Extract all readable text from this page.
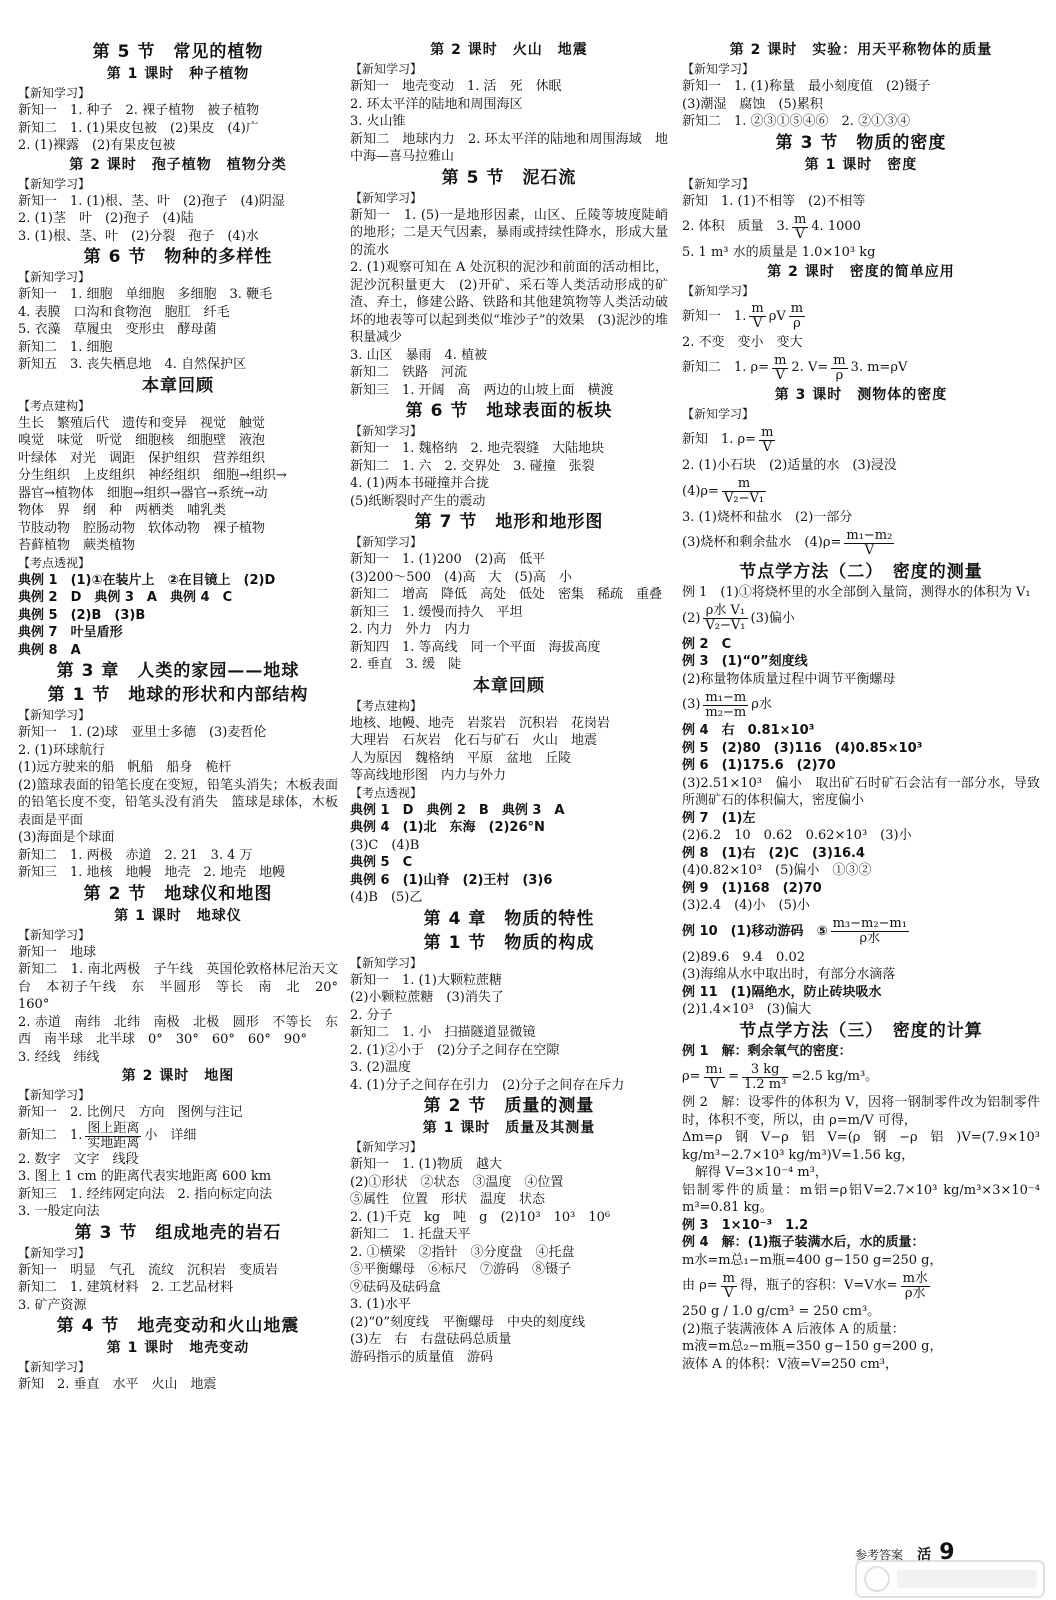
第 5 节　常见的植物
第 1 课时　种子植物
【新知学习】
新知一　1. 种子　2. 裸子植物　被子植物
新知二　1. (1)果皮包被　(2)果皮　(4)广
2. (1)裸露　(2)有果皮包被
第 2 课时　孢子植物　植物分类
【新知学习】
新知一　1. (1)根、茎、叶　(2)孢子　(4)阴湿
2. (1)茎　叶　(2)孢子　(4)陆
3. (1)根、茎、叶　(2)分裂　孢子　(4)水
第 6 节　物种的多样性
【新知学习】
新知一　1. 细胞　单细胞　多细胞　3. 鞭毛
4. 表膜　口沟和食物泡　胞肛　纤毛
5. 衣藻　草履虫　变形虫　酵母菌
新知二　1. 细胞
新知五　3. 丧失栖息地　4. 自然保护区
本章回顾
【考点建构】
生长　繁殖后代　遗传和变异　视觉　触觉
嗅觉　味觉　听觉　细胞核　细胞壁　液泡
叶绿体　对光　调距　保护组织　营养组织
分生组织　上皮组织　神经组织　细胞→组织→
器官→植物体　细胞→组织→器官→系统→动
物体　界　纲　种　两栖类　哺乳类
节肢动物　腔肠动物　软体动物　裸子植物
苔藓植物　蕨类植物
【考点透视】
典例 1　(1)①在装片上　②在目镜上　(2)D
典例 2　D　典例 3　A　典例 4　C
典例 5　(2)B　(3)B
典例 7　叶呈盾形
典例 8　A
第 3 章　人类的家园——地球
第 1 节　地球的形状和内部结构
【新知学习】
新知一　1. (2)球　亚里士多德　(3)麦哲伦
2. (1)环球航行
(1)远方驶来的船　帆船　船身　桅杆
(2)篮球表面的铅笔长度在变短，铅笔头消失；木板表面的铅笔长度不变，铅笔头没有消失　篮球是球体，木板表面是平面
(3)海面是个球面
新知二　1. 两极　赤道　2. 21　3. 4 万
新知三　1. 地核　地幔　地壳　2. 地壳　地幔
第 2 节　地球仪和地图
第 1 课时　地球仪
【新知学习】
新知一　地球
新知二　1. 南北两极　子午线　英国伦敦格林尼治天文台　本初子午线　东　半圆形　等长　南　北　20°　160°
2. 赤道　南纬　北纬　南极　北极　圆形　不等长　东西　南半球　北半球　0°　30°　60°　60°　90°
3. 经线　纬线
第 2 课时　地图
【新知学习】
新知一　2. 比例尺　方向　图例与注记
新知二　1. $\frac{\text{图上距离}}{\text{实地距离}}$ 小　详细
2. 数字　文字　线段
3. 图上 1 cm 的距离代表实地距离 600 km
新知三　1. 经纬网定向法　2. 指向标定向法
3. 一般定向法
第 3 节　组成地壳的岩石
【新知学习】
新知一　明显　气孔　流纹　沉积岩　变质岩
新知二　1. 建筑材料　2. 工艺品材料
3. 矿产资源
第 4 节　地壳变动和火山地震
第 1 课时　地壳变动
【新知学习】
新知　2. 垂直　水平　火山　地震
第 2 课时　火山　地震
【新知学习】
新知一　地壳变动　1. 活　死　休眠
2. 环太平洋的陆地和周围海区
3. 火山锥
新知二　地球内力　2. 环太平洋的陆地和周围海域　地中海—喜马拉雅山
第 5 节　泥石流
【新知学习】
新知一　1. (5)一是地形因素，山区、丘陵等坡度陡峭的地形；二是天气因素，暴雨或持续性降水，形成大量的流水
2. (1)观察可知在 A 处沉积的泥沙和前面的活动相比，泥沙沉积量更大　(2)开矿、采石等人类活动形成的矿渣、弃土，修建公路、铁路和其他建筑物等人类活动破坏的地表等可以起到类似“堆沙子”的效果　(3)泥沙的堆积量减少
3. 山区　暴雨　4. 植被
新知二　铁路　河流
新知三　1. 开阔　高　两边的山坡上面　横渡
第 6 节　地球表面的板块
【新知学习】
新知一　1. 魏格纳　2. 地壳裂缝　大陆地块
新知二　1. 六　2. 交界处　3. 碰撞　张裂
4. (1)两本书碰撞并合拢
(5)纸断裂时产生的震动
第 7 节　地形和地形图
【新知学习】
新知一　1. (1)200　(2)高　低平
(3)200～500　(4)高　大　(5)高　小
新知二　增高　降低　高处　低处　密集　稀疏　重叠
新知三　1. 缓慢而持久　平坦
2. 内力　外力　内力
新知四　1. 等高线　同一个平面　海拔高度
2. 垂直　3. 缓　陡
本章回顾
【考点建构】
地核、地幔、地壳　岩浆岩　沉积岩　花岗岩
大理岩　石灰岩　化石与矿石　火山　地震
人为原因　魏格纳　平原　盆地　丘陵
等高线地形图　内力与外力
【考点透视】
典例 1　D　典例 2　B　典例 3　A
典例 4　(1)北　东海　(2)26°N
(3)C　(4)B
典例 5　C
典例 6　(1)山脊　(2)王村　(3)6
(4)B　(5)乙
第 4 章　物质的特性
第 1 节　物质的构成
【新知学习】
新知一　1. (1)大颗粒蔗糖
(2)小颗粒蔗糖　(3)消失了
2. 分子
新知二　1. 小　扫描隧道显微镜
2. (1)②小于　(2)分子之间存在空隙
3. (2)温度
4. (1)分子之间存在引力　(2)分子之间存在斥力
第 2 节　质量的测量
第 1 课时　质量及其测量
【新知学习】
新知一　1. (1)物质　越大
(2)①形状　②状态　③温度　④位置
⑤属性　位置　形状　温度　状态
2. (1)千克　kg　吨　g　(2)10³　10³　10⁶
新知二　1. 托盘天平
2. ①横梁　②指针　③分度盘　④托盘
⑤平衡螺母　⑥标尺　⑦游码　⑧镊子
⑨砝码及砝码盒
3. (1)水平
(2)“0”刻度线　平衡螺母　中央的刻度线
(3)左　右　右盘砝码总质量
游码指示的质量值　游码
第 2 课时　实验：用天平称物体的质量
【新知学习】
新知一　1. (1)称量　最小刻度值　(2)镊子
(3)潮湿　腐蚀　(5)累积
新知二　1. ②③①⑤④⑥　2. ②①③④
第 3 节　物质的密度
第 1 课时　密度
【新知学习】
新知　1. (1)不相等　(2)不相等
2. 体积　质量　3. $\frac{m}{V} 4$. 1000
5. 1 m³ 水的质量是 1.0×10³ kg
第 2 课时　密度的简单应用
【新知学习】
新知一　1. $\frac{m}{V}$ ρV $\frac{m}{\rho}$
2. 不变　变小　变大
新知二　1. $\rho= \frac{m}{V} 2$. $V= \frac{m}{\rho} 3$. m=ρV
第 3 课时　测物体的密度
【新知学习】
新知　1. $\rho= \frac{m}{V}$
2. (1)小石块　(2)适量的水　(3)浸没
$(4)\rho= \frac{m}{\text{V₂−V₁}}$
3. (1)烧杯和盐水　(2)一部分
(3)烧杯和剩余盐水　$(4)\rho= \frac{\text{m₁−m₂}}{V}$
节点学方法（二）　密度的测量
例 1　(1)①将烧杯里的水全部倒入量筒，测得水的体积为 V₁
$(2) \frac{\text{ρ水 V₁}}{\text{V₂−V₁}} (3)$偏小
例 2　C
例 3　(1)“0”刻度线
(2)称量物体质量过程中调节平衡螺母
$(3) \frac{\text{m₁−m}}{\text{m₂−m}}$ ρ水
例 4　右　0.81×10³
例 5　(2)80　(3)116　(4)0.85×10³
例 6　(1)175.6　(2)70
(3)2.51×10³　偏小　取出矿石时矿石会沾有一部分水，导致所测矿石的体积偏大，密度偏小
例 7　(1)左
(2)6.2　10　0.62　0.62×10³　(3)小
例 8　(1)右　(2)C　(3)16.4
(4)0.82×10³　(5)偏小　①③②
例 9　(1)168　(2)70
(3)2.4　(4)小　(5)小
例 10　(1)移动游码　⑤ $\frac{\text{m₃−m₂−m₁}}{\text{ρ水}}$
(2)89.6　9.4　0.02
(3)海绵从水中取出时，有部分水滴落
例 11　(1)隔绝水，防止砖块吸水
(2)1.4×10³　(3)偏大
节点学方法（三）　密度的计算
例 1　解：剩余氧气的密度：
$\rho= \frac{\text{m₁}}{V} = \frac{3 kg}{\text{1.2 m³}} =2.5$ kg/m³。
例 2　解：设零件的体积为 V，因将一钢制零件改为铝制零件时，体积不变，所以，由 ρ=m/V 可得，
Δm=ρ钢V−ρ铝V=(ρ钢−ρ铝)V=(7.9×10³ kg/m³−2.7×10³ kg/m³)V=1.56 kg，
　解得 V=3×10⁻⁴ m³，
铝制零件的质量：m铝=ρ铝V=2.7×10³ kg/m³×3×10⁻⁴ m³=0.81 kg。
例 3　1×10⁻³　1.2
例 4　解：(1)瓶子装满水后，水的质量：
m水=m总₁−m瓶=400 g−150 g=250 g，
由 $\rho= \frac{m}{V}$ 得，瓶子的容积：V=V水= $\frac{\text{m水}}{\text{ρ水}}$
250 g / 1.0 g/cm³ = 250 cm³。
(2)瓶子装满液体 A 后液体 A 的质量：
m液=m总₂−m瓶=350 g−150 g=200 g，
液体 A 的体积：V液=V=250 cm³，
参考答案 活 9
